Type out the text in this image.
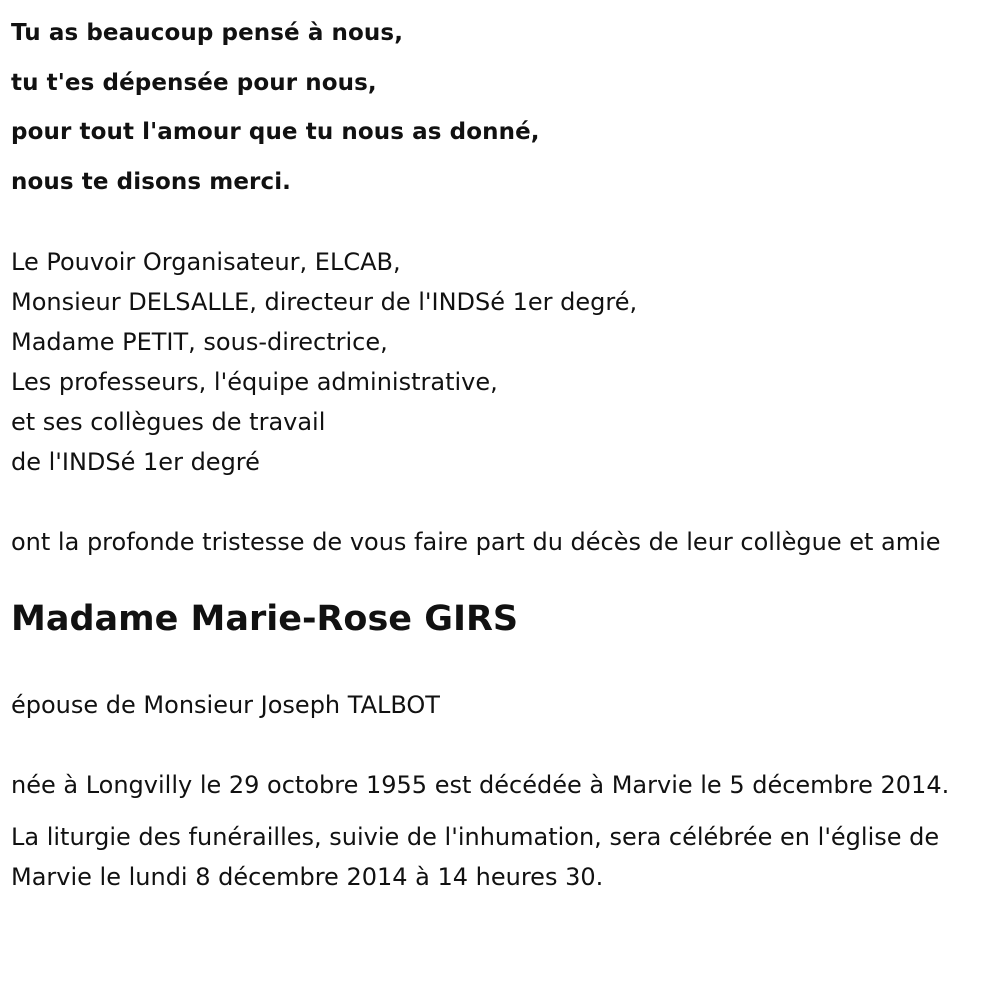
Tu as beaucoup pensé à nous,
tu t'es dépensée pour nous,
pour tout l'amour que tu nous as donné,
nous te disons merci.
Le Pouvoir Organisateur, ELCAB,
Monsieur DELSALLE, directeur de l'INDSé 1er degré,
Madame PETIT, sous-directrice,
Les professeurs, l'équipe administrative,
et ses collègues de travail
de l'INDSé 1er degré
ont la profonde tristesse de vous faire part du décès de leur collègue et amie
Madame Marie-Rose GIRS
épouse de Monsieur Joseph TALBOT
née à Longvilly le 29 octobre 1955 est décédée à Marvie le 5 décembre 2014.
La liturgie des funérailles, suivie de l'inhumation, sera célébrée en l'église de Marvie le lundi 8 décembre 2014 à 14 heures 30.
